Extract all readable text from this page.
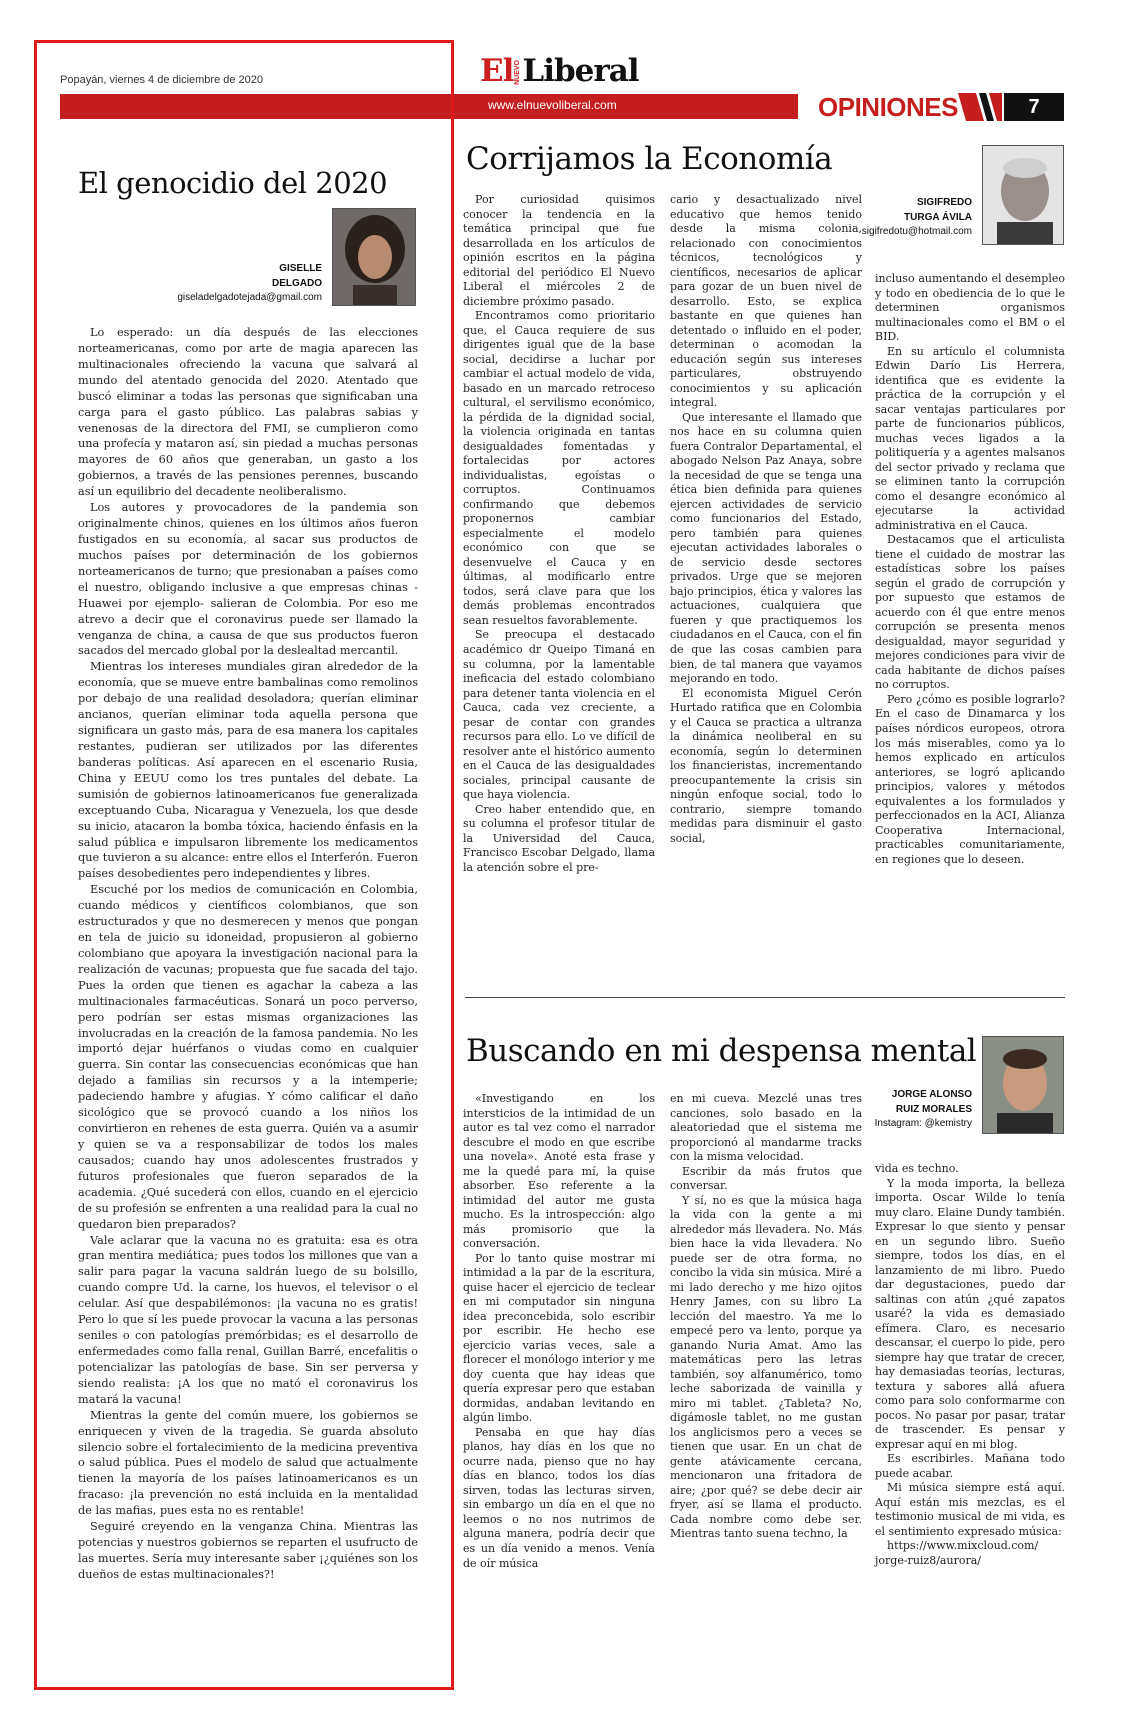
Popayán, viernes 4 de diciembre de 2020	ElNUEVOLiberal
www.elnuevoliberal.com	OPINIONES	7
El genocidio del 2020
GISELLE
DELGADO
giseladelgadotejada@gmail.com

Lo esperado: un día después de las elecciones norteamericanas, como por arte de magia aparecen las multinacionales ofreciendo la vacuna que salvará al mundo del atentado genocida del 2020. Atentado que buscó eliminar a todas las personas que significaban una carga para el gasto público. Las palabras sabias y venenosas de la directora del FMI, se cumplieron como una profecía y mataron así, sin piedad a muchas personas mayores de 60 años que generaban, un gasto a los gobiernos, a través de las pensiones perennes, buscando así un equilibrio del decadente neoliberalismo.

Los autores y provocadores de la pandemia son originalmente chinos, quienes en los últimos años fueron fustigados en su economía, al sacar sus productos de muchos países por determinación de los gobiernos norteamericanos de turno; que presionaban a países como el nuestro, obligando inclusive a que empresas chinas -Huawei por ejemplo- salieran de Colombia. Por eso me atrevo a decir que el coronavirus puede ser llamado la venganza de china, a causa de que sus productos fueron sacados del mercado global por la deslealtad mercantil.

Mientras los intereses mundiales giran alrededor de la economía, que se mueve entre bambalinas como remolinos por debajo de una realidad desoladora; querían eliminar ancianos, querían eliminar toda aquella persona que significara un gasto más, para de esa manera los capitales restantes, pudieran ser utilizados por las diferentes banderas políticas. Así aparecen en el escenario Rusia, China y EEUU como los tres puntales del debate. La sumisión de gobiernos latinoamericanos fue generalizada exceptuando Cuba, Nicaragua y Venezuela, los que desde su inicio, atacaron la bomba tóxica, haciendo énfasis en la salud pública e impulsaron libremente los medicamentos que tuvieron a su alcance: entre ellos el Interferón. Fueron países desobedientes pero independientes y libres.

Escuché por los medios de comunicación en Colombia, cuando médicos y científicos colombianos, que son estructurados y que no desmerecen y menos que pongan en tela de juicio su idoneidad, propusieron al gobierno colombiano que apoyara la investigación nacional para la realización de vacunas; propuesta que fue sacada del tajo. Pues la orden que tienen es agachar la cabeza a las multinacionales farmacéuticas. Sonará un poco perverso, pero podrían ser estas mismas organizaciones las involucradas en la creación de la famosa pandemia. No les importó dejar huérfanos o viudas como en cualquier guerra. Sin contar las consecuencias económicas que han dejado a familias sin recursos y a la intemperie; padeciendo hambre y afugias. Y cómo calificar el daño sicológico que se provocó cuando a los niños los convirtieron en rehenes de esta guerra. Quién va a asumir y quien se va a responsabilizar de todos los males causados; cuando hay unos adolescentes frustrados y futuros profesionales que fueron separados de la academia. ¿Qué sucederá con ellos, cuando en el ejercicio de su profesión se enfrenten a una realidad para la cual no quedaron bien preparados?

Vale aclarar que la vacuna no es gratuita: esa es otra gran mentira mediática; pues todos los millones que van a salir para pagar la vacuna saldrán luego de su bolsillo, cuando compre Ud. la carne, los huevos, el televisor o el celular. Así que despabilémonos: ¡la vacuna no es gratis! Pero lo que sí les puede provocar la vacuna a las personas seniles o con patologías premórbidas; es el desarrollo de enfermedades como falla renal, Guillan Barré, encefalitis o potencializar las patologías de base. Sin ser perversa y siendo realista: ¡A los que no mató el coronavirus los matará la vacuna!

Mientras la gente del común muere, los gobiernos se enriquecen y viven de la tragedia. Se guarda absoluto silencio sobre el fortalecimiento de la medicina preventiva o salud pública. Pues el modelo de salud que actualmente tienen la mayoría de los países latinoamericanos es un fracaso: ¡la prevención no está incluida en la mentalidad de las mafias, pues esta no es rentable!

Seguiré creyendo en la venganza China. Mientras las potencias y nuestros gobiernos se reparten el usufructo de las muertes. Sería muy interesante saber ¡¿quiénes son los dueños de estas multinacionales?!

Corrijamos la Economía
SIGIFREDO
TURGA ÁVILA
sigifredotu@hotmail.com

Por curiosidad quisimos conocer la tendencia en la temática principal que fue desarrollada en los artículos de opinión escritos en la página editorial del periódico El Nuevo Liberal el miércoles 2 de diciembre próximo pasado.

Encontramos como prioritario que, el Cauca requiere de sus dirigentes igual que de la base social, decidirse a luchar por cambiar el actual modelo de vida, basado en un marcado retroceso cultural, el servilismo económico, la pérdida de la dignidad social, la violencia originada en tantas desigualdades fomentadas y fortalecidas por actores individualistas, egoístas o corruptos. Continuamos confirmando que debemos proponernos cambiar especialmente el modelo económico con que se desenvuelve el Cauca y en últimas, al modificarlo entre todos, será clave para que los demás problemas encontrados sean resueltos favorablemente.

Se preocupa el destacado académico dr Queipo Timaná en su columna, por la lamentable ineficacia del estado colombiano para detener tanta violencia en el Cauca, cada vez creciente, a pesar de contar con grandes recursos para ello. Lo ve difícil de resolver ante el histórico aumento en el Cauca de las desigualdades sociales, principal causante de que haya violencia.

Creo haber entendido que, en su columna el profesor titular de la Universidad del Cauca, Francisco Escobar Delgado, llama la atención sobre el pre-

cario y desactualizado nivel educativo que hemos tenido desde la misma colonia, relacionado con conocimientos técnicos, tecnológicos y científicos, necesarios de aplicar para gozar de un buen nivel de desarrollo. Esto, se explica bastante en que quienes han detentado o influido en el poder, determinan o acomodan la educación según sus intereses particulares, obstruyendo conocimientos y su aplicación integral.

Que interesante el llamado que nos hace en su columna quien fuera Contralor Departamental, el abogado Nelson Paz Anaya, sobre la necesidad de que se tenga una ética bien definida para quienes ejercen actividades de servicio como funcionarios del Estado, pero también para quienes ejecutan actividades laborales o de servicio desde sectores privados. Urge que se mejoren bajo principios, ética y valores las actuaciones, cualquiera que fueren y que practiquemos los ciudadanos en el Cauca, con el fin de que las cosas cambien para bien, de tal manera que vayamos mejorando en todo.

El economista Miguel Cerón Hurtado ratifica que en Colombia y el Cauca se practica a ultranza la dinámica neoliberal en su economía, según lo determinen los financieristas, incrementando preocupantemente la crisis sin ningún enfoque social, todo lo contrario, siempre tomando medidas para disminuir el gasto social,

incluso aumentando el desempleo y todo en obediencia de lo que le determinen organismos multinacionales como el BM o el BID.

En su artículo el columnista Edwin Darío Lis Herrera, identifica que es evidente la práctica de la corrupción y el sacar ventajas particulares por parte de funcionarios públicos, muchas veces ligados a la politiquería y a agentes malsanos del sector privado y reclama que se eliminen tanto la corrupción como el desangre económico al ejecutarse la actividad administrativa en el Cauca.

Destacamos que el articulista tiene el cuidado de mostrar las estadísticas sobre los países según el grado de corrupción y por supuesto que estamos de acuerdo con él que entre menos corrupción se presenta menos desigualdad, mayor seguridad y mejores condiciones para vivir de cada habitante de dichos países no corruptos.

Pero ¿cómo es posible lograrlo? En el caso de Dinamarca y los países nórdicos europeos, otrora los más miserables, como ya lo hemos explicado en artículos anteriores, se logró aplicando principios, valores y métodos equivalentes a los formulados y perfeccionados en la ACI, Alianza Cooperativa Internacional, practicables comunitariamente, en regiones que lo deseen.

Buscando en mi despensa mental
JORGE ALONSO
RUIZ MORALES
Instagram: @kemistry

«Investigando en los intersticios de la intimidad de un autor es tal vez como el narrador descubre el modo en que escribe una novela». Anoté esta frase y me la quedé para mí, la quise absorber. Eso referente a la intimidad del autor me gusta mucho. Es la introspección: algo más promisorio que la conversación.

Por lo tanto quise mostrar mi intimidad a la par de la escritura, quise hacer el ejercicio de teclear en mi computador sin ninguna idea preconcebida, solo escribir por escribir. He hecho ese ejercicio varias veces, sale a florecer el monólogo interior y me doy cuenta que hay ideas que quería expresar pero que estaban dormidas, andaban levitando en algún limbo.

Pensaba en que hay días planos, hay días en los que no ocurre nada, pienso que no hay días en blanco, todos los días sirven, todas las lecturas sirven, sin embargo un día en el que no leemos o no nos nutrimos de alguna manera, podría decir que es un día venido a menos. Venía de oír música

en mi cueva. Mezclé unas tres canciones, solo basado en la aleatoriedad que el sistema me proporcionó al mandarme tracks con la misma velocidad.

Escribir da más frutos que conversar.

Y sí, no es que la música haga la vida con la gente a mi alrededor más llevadera. No. Más bien hace la vida llevadera. No puede ser de otra forma, no concibo la vida sin música. Miré a mi lado derecho y me hizo ojitos Henry James, con su libro La lección del maestro. Ya me lo empecé pero va lento, porque ya ganando Nuria Amat. Amo las matemáticas pero las letras también, soy alfanumérico, tomo leche saborizada de vainilla y miro mi tablet. ¿Tableta? No, digámosle tablet, no me gustan los anglicismos pero a veces se tienen que usar. En un chat de gente atávicamente cercana, mencionaron una fritadora de aire; ¿por qué? se debe decir air fryer, así se llama el producto. Cada nombre como debe ser. Mientras tanto suena techno, la

vida es techno.

Y la moda importa, la belleza importa. Oscar Wilde lo tenía muy claro. Elaine Dundy también. Expresar lo que siento y pensar en un segundo libro. Sueño siempre, todos los días, en el lanzamiento de mi libro. Puedo dar degustaciones, puedo dar saltinas con atún ¿qué zapatos usaré? la vida es demasiado efímera. Claro, es necesario descansar, el cuerpo lo pide, pero siempre hay que tratar de crecer, hay demasiadas teorías, lecturas, textura y sabores allá afuera como para solo conformarme con pocos. No pasar por pasar, tratar de trascender. Es pensar y expresar aquí en mi blog.

Es escribirles. Mañana todo puede acabar.

Mi música siempre está aquí. Aquí están mis mezclas, es el testimonio musical de mi vida, es el sentimiento expresado música:

https://www.mixcloud.com/ jorge-ruiz8/aurora/
